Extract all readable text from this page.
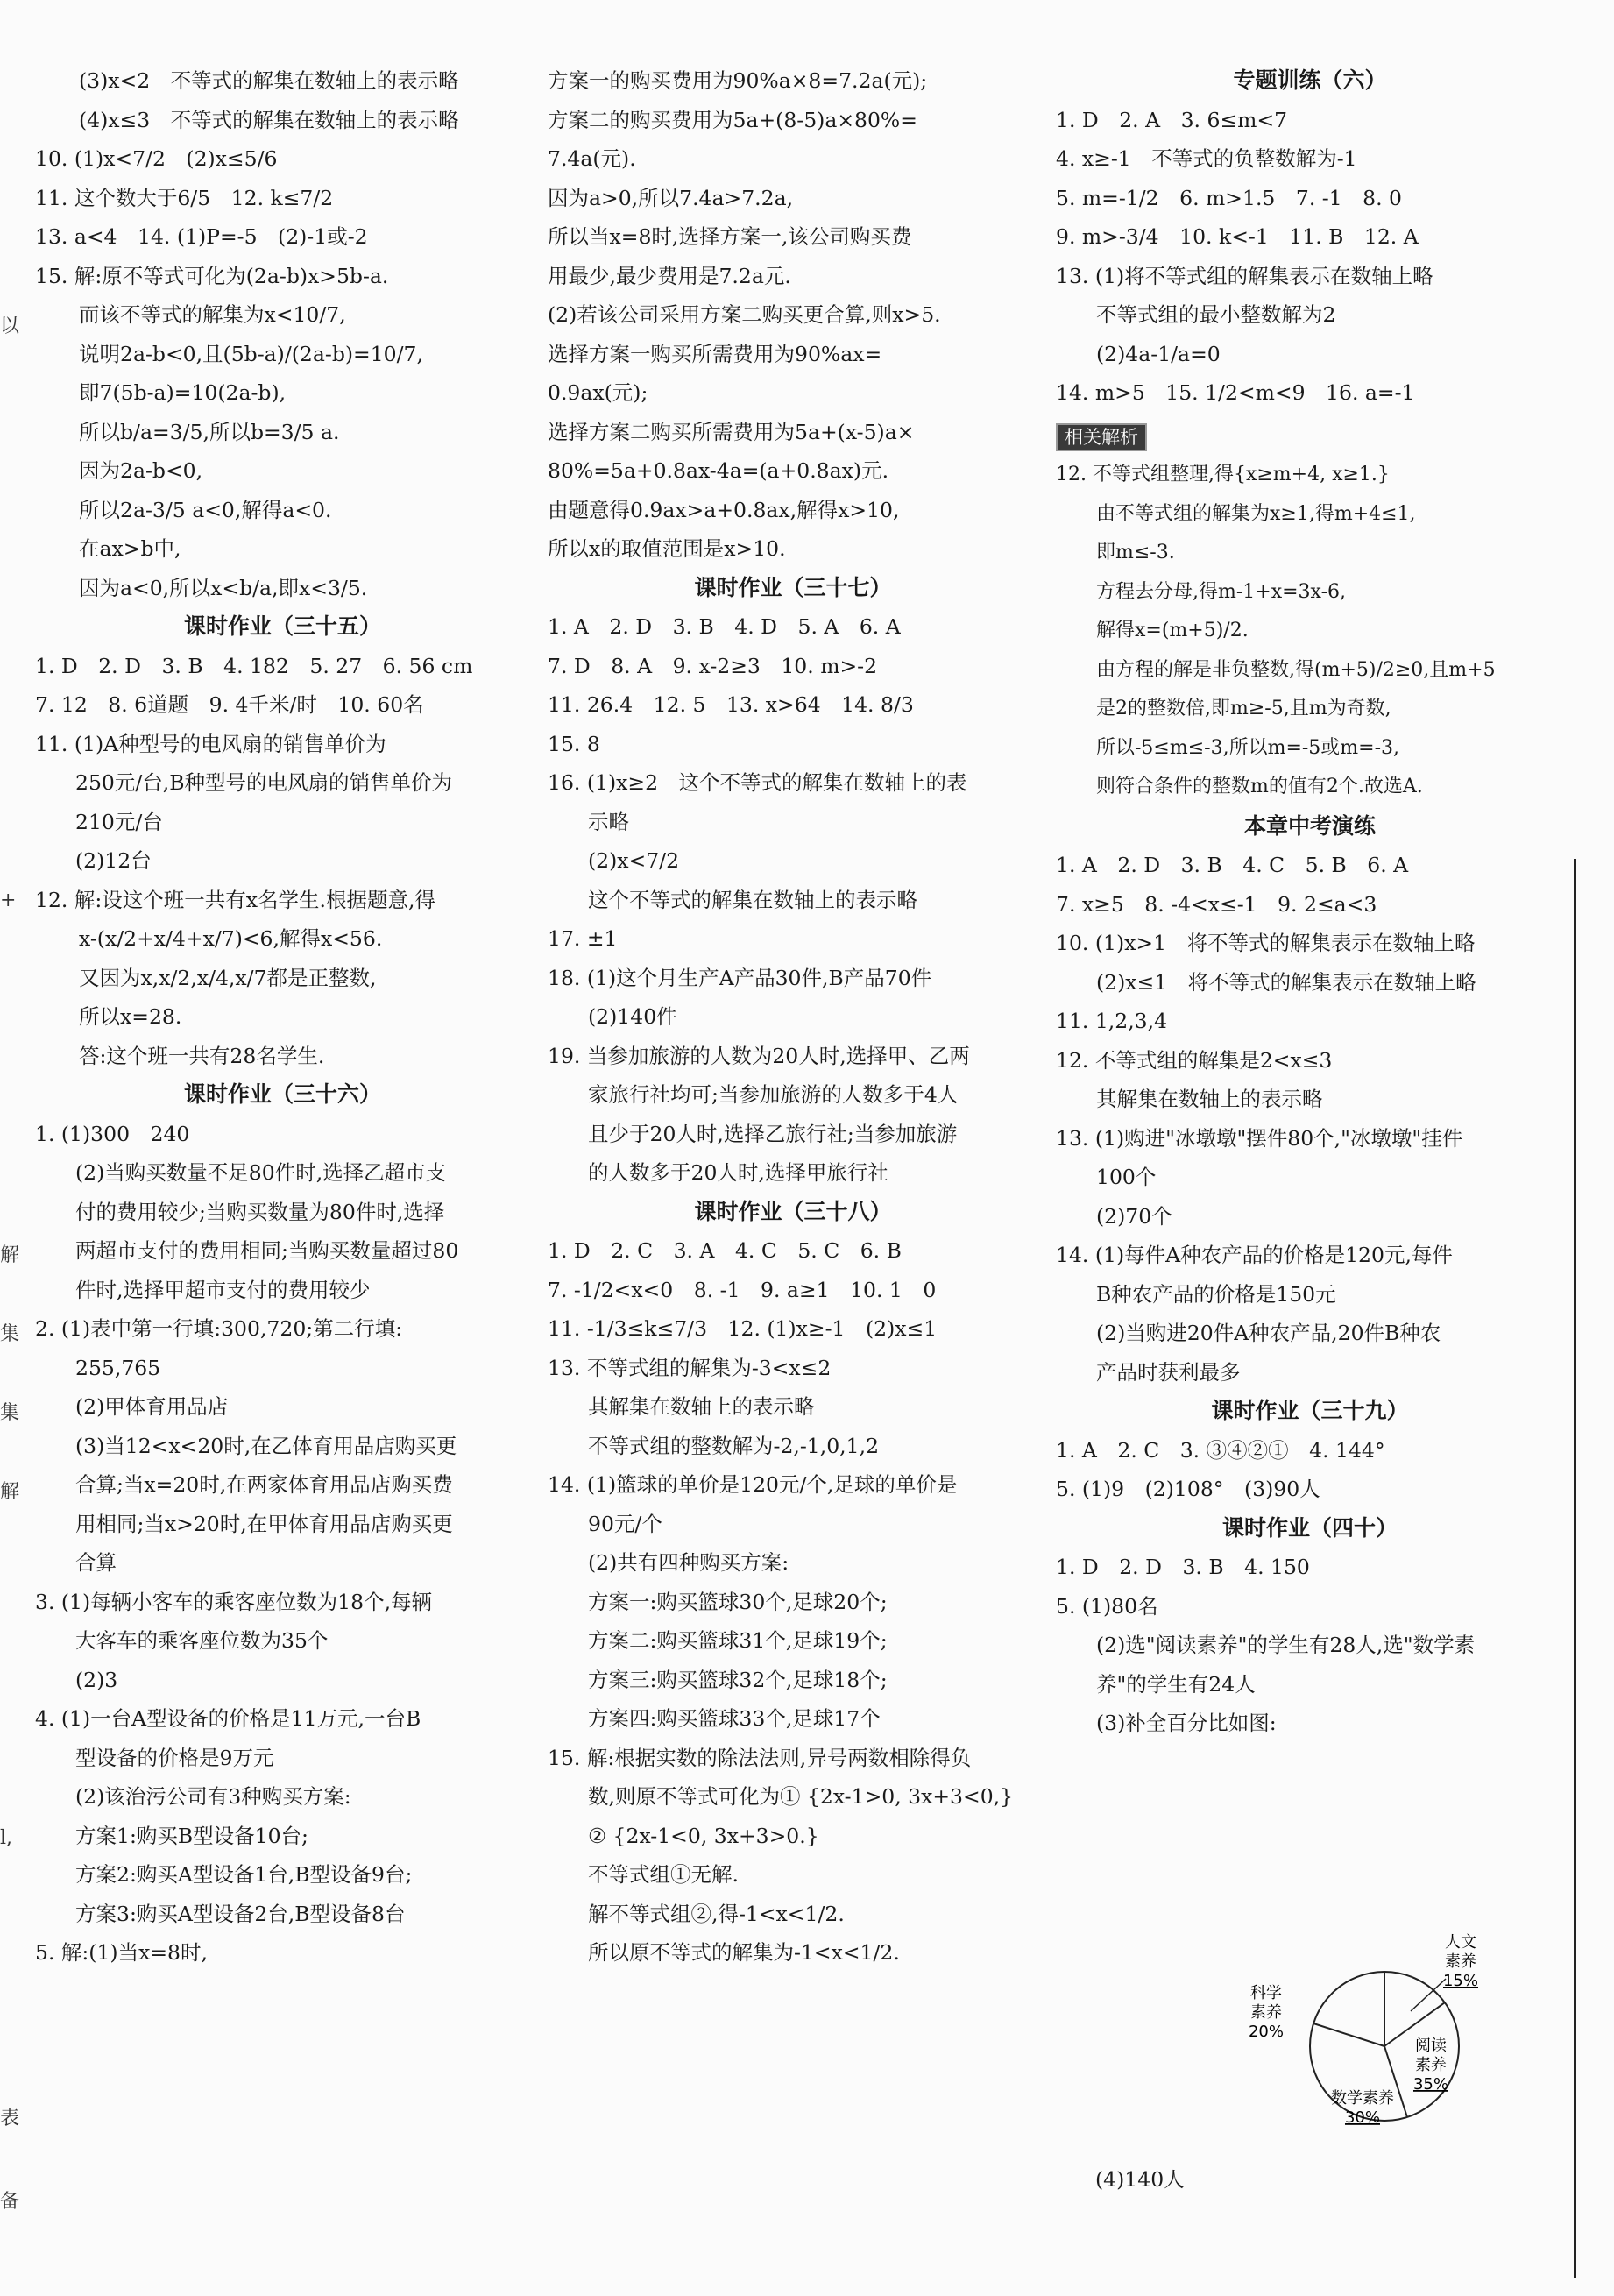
(3)x<2　不等式的解集在数轴上的表示略
(4)x≤3　不等式的解集在数轴上的表示略
10. (1)x<7/2　(2)x≤5/6
11. 这个数大于6/5　12. k≤7/2
13. a<4　14. (1)P=-5　(2)-1或-2
15. 解:原不等式可化为(2a-b)x>5b-a.
而该不等式的解集为x<10/7,
说明2a-b<0,且(5b-a)/(2a-b)=10/7,
即7(5b-a)=10(2a-b),
所以b/a=3/5,所以b=3/5 a.
因为2a-b<0,
所以2a-3/5 a<0,解得a<0.
在ax>b中,
因为a<0,所以x<b/a,即x<3/5.
课时作业（三十五）
1. D　2. D　3. B　4. 182　5. 27　6. 56 cm
7. 12　8. 6道题　9. 4千米/时　10. 60名
11. (1)A种型号的电风扇的销售单价为
250元/台,B种型号的电风扇的销售单价为
210元/台
(2)12台
12. 解:设这个班一共有x名学生.根据题意,得
x-(x/2+x/4+x/7)<6,解得x<56.
又因为x,x/2,x/4,x/7都是正整数,
所以x=28.
答:这个班一共有28名学生.
课时作业（三十六）
1. (1)300　240
(2)当购买数量不足80件时,选择乙超市支
付的费用较少;当购买数量为80件时,选择
两超市支付的费用相同;当购买数量超过80
件时,选择甲超市支付的费用较少
2. (1)表中第一行填:300,720;第二行填:
255,765
(2)甲体育用品店
(3)当12<x<20时,在乙体育用品店购买更
合算;当x=20时,在两家体育用品店购买费
用相同;当x>20时,在甲体育用品店购买更
合算
3. (1)每辆小客车的乘客座位数为18个,每辆
大客车的乘客座位数为35个
(2)3
4. (1)一台A型设备的价格是11万元,一台B
型设备的价格是9万元
(2)该治污公司有3种购买方案:
方案1:购买B型设备10台;
方案2:购买A型设备1台,B型设备9台;
方案3:购买A型设备2台,B型设备8台
5. 解:(1)当x=8时,
方案一的购买费用为90%a×8=7.2a(元);
方案二的购买费用为5a+(8-5)a×80%=
7.4a(元).
因为a>0,所以7.4a>7.2a,
所以当x=8时,选择方案一,该公司购买费
用最少,最少费用是7.2a元.
(2)若该公司采用方案二购买更合算,则x>5.
选择方案一购买所需费用为90%ax=
0.9ax(元);
选择方案二购买所需费用为5a+(x-5)a×
80%=5a+0.8ax-4a=(a+0.8ax)元.
由题意得0.9ax>a+0.8ax,解得x>10,
所以x的取值范围是x>10.
课时作业（三十七）
1. A　2. D　3. B　4. D　5. A　6. A
7. D　8. A　9. x-2≥3　10. m>-2
11. 26.4　12. 5　13. x>64　14. 8/3
15. 8
16. (1)x≥2　这个不等式的解集在数轴上的表
示略
(2)x<7/2
这个不等式的解集在数轴上的表示略
17. ±1
18. (1)这个月生产A产品30件,B产品70件
(2)140件
19. 当参加旅游的人数为20人时,选择甲、乙两
家旅行社均可;当参加旅游的人数多于4人
且少于20人时,选择乙旅行社;当参加旅游
的人数多于20人时,选择甲旅行社
课时作业（三十八）
1. D　2. C　3. A　4. C　5. C　6. B
7. -1/2<x<0　8. -1　9. a≥1　10. 1　0
11. -1/3≤k≤7/3　12. (1)x≥-1　(2)x≤1
13. 不等式组的解集为-3<x≤2
其解集在数轴上的表示略
不等式组的整数解为-2,-1,0,1,2
14. (1)篮球的单价是120元/个,足球的单价是
90元/个
(2)共有四种购买方案:
方案一:购买篮球30个,足球20个;
方案二:购买篮球31个,足球19个;
方案三:购买篮球32个,足球18个;
方案四:购买篮球33个,足球17个
15. 解:根据实数的除法法则,异号两数相除得负
数,则原不等式可化为① {2x-1>0, 3x+3<0,}
② {2x-1<0, 3x+3>0.}
不等式组①无解.
解不等式组②,得-1<x<1/2.
所以原不等式的解集为-1<x<1/2.
专题训练（六）
1. D　2. A　3. 6≤m<7
4. x≥-1　不等式的负整数解为-1
5. m=-1/2　6. m>1.5　7. -1　8. 0
9. m>-3/4　10. k<-1　11. B　12. A
13. (1)将不等式组的解集表示在数轴上略
不等式组的最小整数解为2
(2)4a-1/a=0
14. m>5　15. 1/2<m<9　16. a=-1
相关解析
12. 不等式组整理,得{x≥m+4, x≥1.}
由不等式组的解集为x≥1,得m+4≤1,
即m≤-3.
方程去分母,得m-1+x=3x-6,
解得x=(m+5)/2.
由方程的解是非负整数,得(m+5)/2≥0,且m+5
是2的整数倍,即m≥-5,且m为奇数,
所以-5≤m≤-3,所以m=-5或m=-3,
则符合条件的整数m的值有2个.故选A.
本章中考演练
1. A　2. D　3. B　4. C　5. B　6. A
7. x≥5　8. -4<x≤-1　9. 2≤a<3
10. (1)x>1　将不等式的解集表示在数轴上略
(2)x≤1　将不等式的解集表示在数轴上略
11. 1,2,3,4
12. 不等式组的解集是2<x≤3
其解集在数轴上的表示略
13. (1)购进"冰墩墩"摆件80个,"冰墩墩"挂件
100个
(2)70个
14. (1)每件A种农产品的价格是120元,每件
B种农产品的价格是150元
(2)当购进20件A种农产品,20件B种农
产品时获利最多
课时作业（三十九）
1. A　2. C　3. ③④②①　4. 144°
5. (1)9　(2)108°　(3)90人
课时作业（四十）
1. D　2. D　3. B　4. 150
5. (1)80名
(2)选"阅读素养"的学生有28人,选"数学素
养"的学生有24人
(3)补全百分比如图:
以
+
解
集
集
解
l,
表
备
人文
素养
15%
阅读
素养
35%
数学素养
30%
科学
素养
20%
(4)140人
